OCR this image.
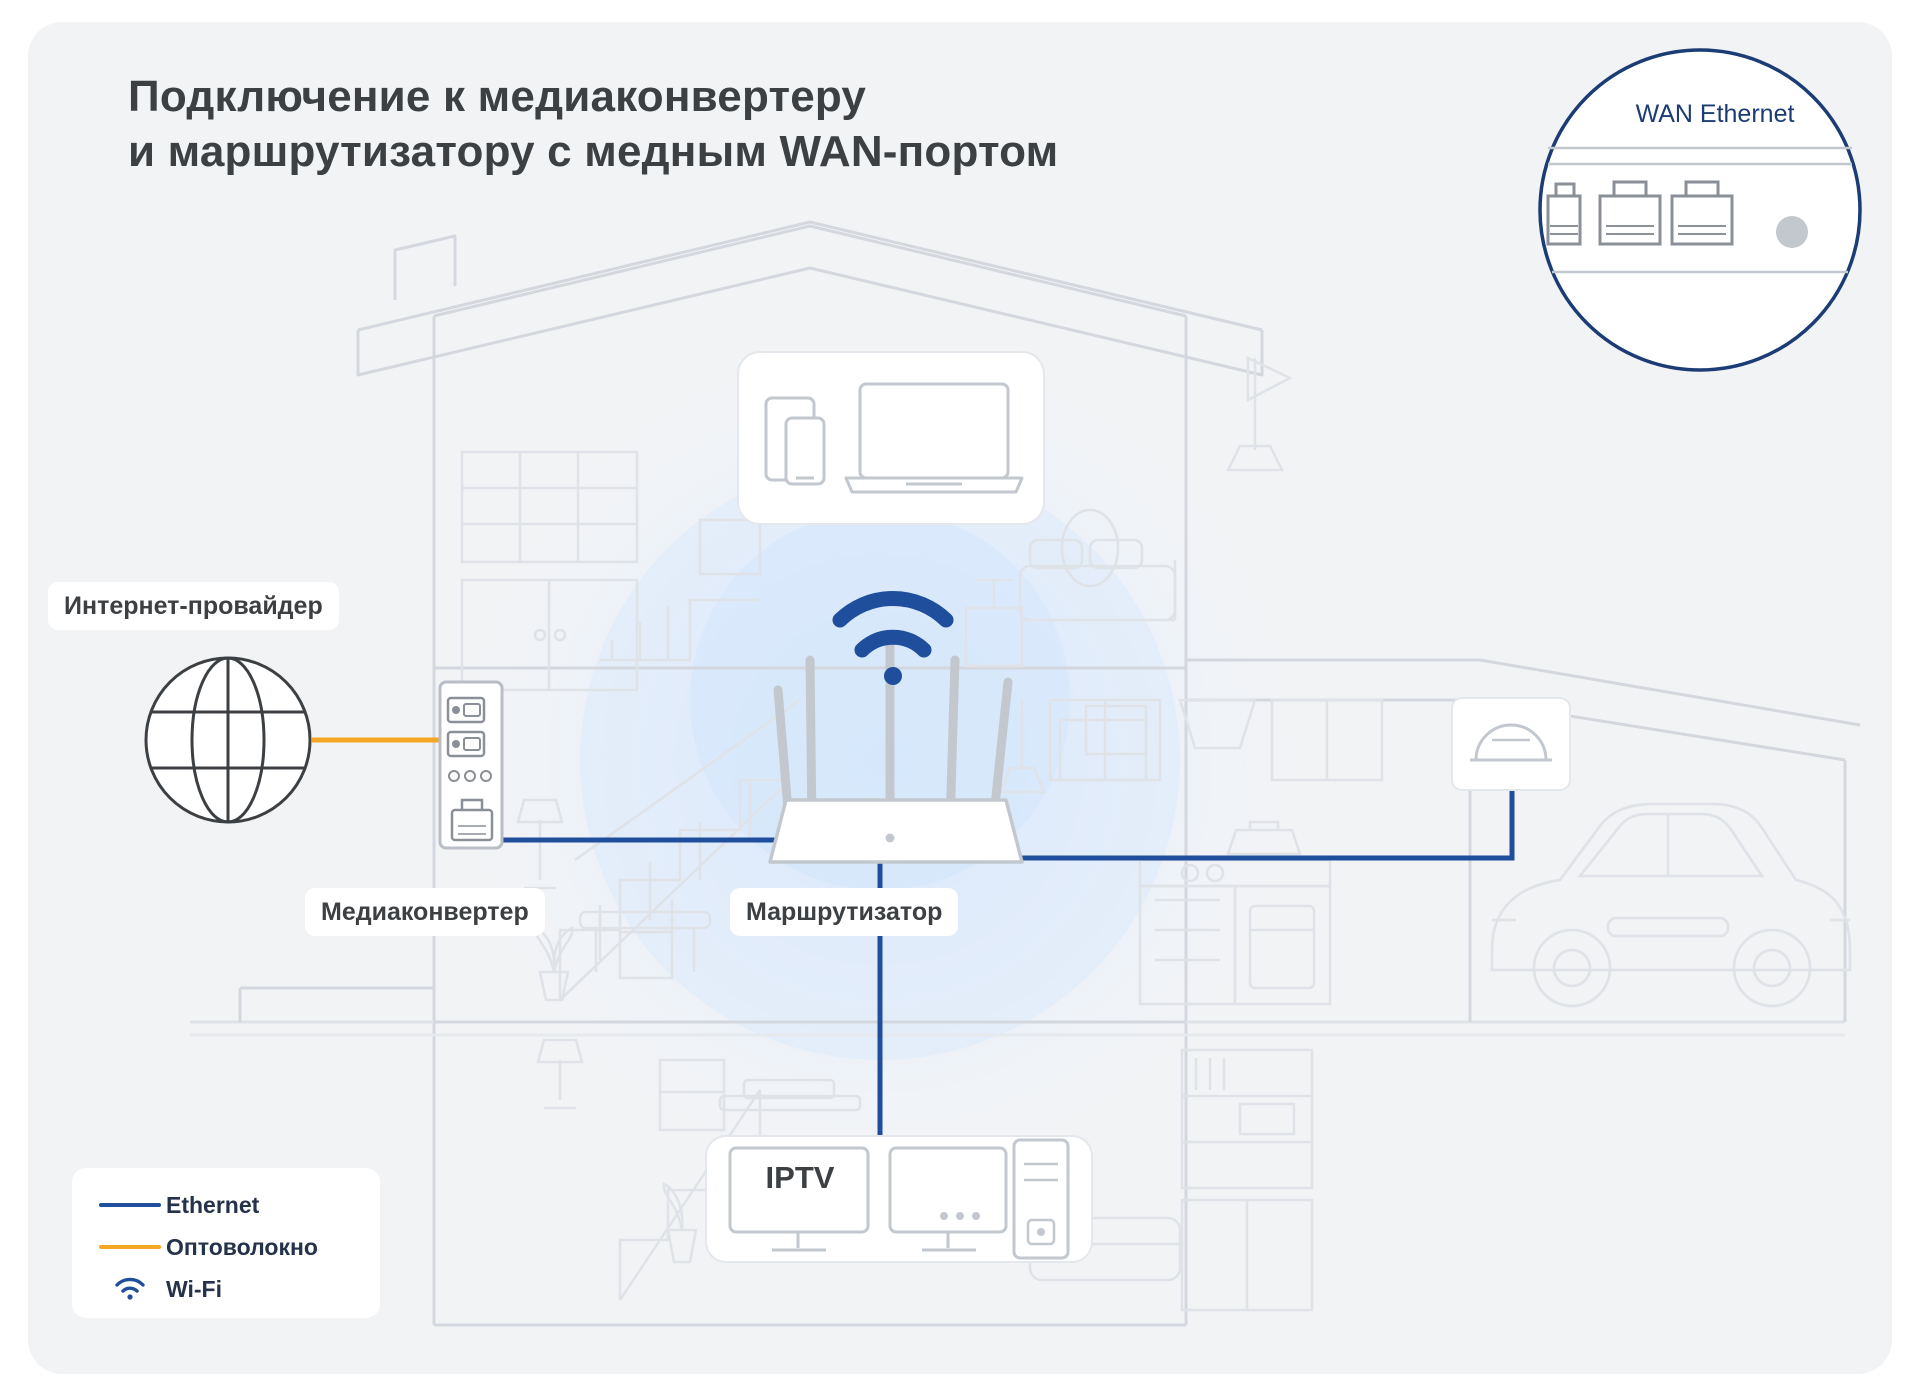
Подключение к медиаконвертеру
и маршрутизатору с медным WAN-портом
WAN Ethernet
Интернет-провайдер
Медиаконвертер	Маршрутизатор
IPTV
Ethernet
Оптоволокно
Wi-Fi
